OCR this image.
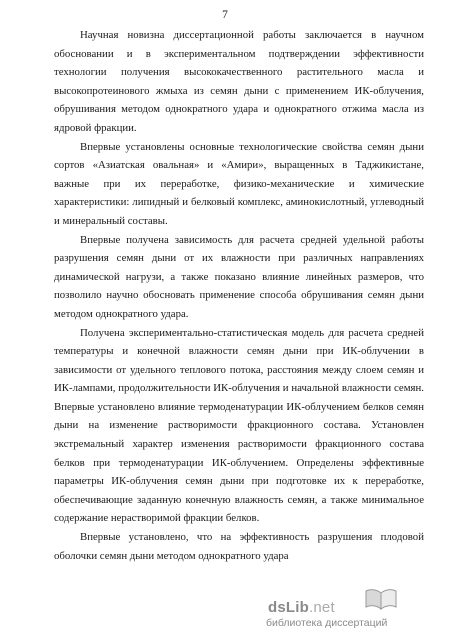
7

Научная новизна диссертационной работы заключается в научном обосновании и в экспериментальном подтверждении эффективности технологии получения высококачественного растительного масла и высокопротеинового жмыха из семян дыни с применением ИК-облучения, обрушивания методом однократного удара и однократного отжима масла из ядровой фракции.

Впервые установлены основные технологические свойства семян дыни сортов «Азиатская овальная» и «Амири», выращенных в Таджикистане, важные при их переработке, физико-механические и химические характеристики: липидный и белковый комплекс, аминокислотный, углеводный и минеральный составы.

Впервые получена зависимость для расчета средней удельной работы разрушения семян дыни от их влажности при различных направлениях динамической нагрузи, а также показано влияние линейных размеров, что позволило научно обосновать применение способа обрушивания семян дыни методом однократного удара.

Получена экспериментально-статистическая модель для расчета средней температуры и конечной влажности семян дыни при ИК-облучении в зависимости от удельного теплового потока, расстояния между слоем семян и ИК-лампами, продолжительности ИК-облучения и начальной влажности семян. Впервые установлено влияние термоденатурации ИК-облучением белков семян дыни на изменение растворимости фракционного состава. Установлен экстремальный характер изменения растворимости фракционного состава белков при термоденатурации ИК-облучением. Определены эффективные параметры ИК-облучения семян дыни при подготовке их к переработке, обеспечивающие заданную конечную влажность семян, а также минимальное содержание нерастворимой фракции белков.

Впервые установлено, что на эффективность разрушения плодовой оболочки семян дыни методом однократного удара

dsLib.net
библиотека диссертаций
